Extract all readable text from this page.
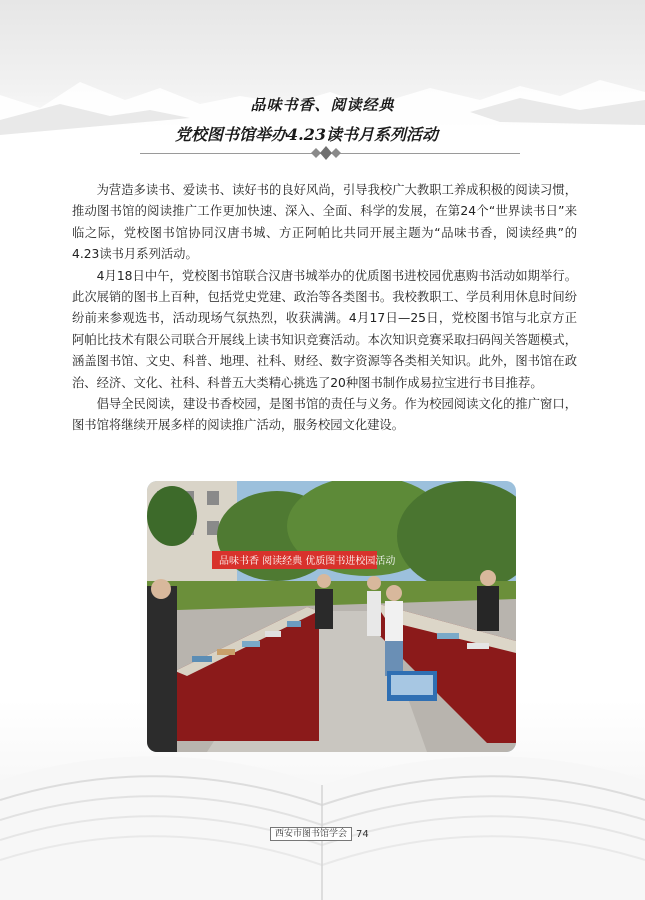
品味书香、阅读经典
党校图书馆举办4.23读书月系列活动

为营造多读书、爱读书、读好书的良好风尚，引导我校广大教职工养成积极的阅读习惯，推动图书馆的阅读推广工作更加快速、深入、全面、科学的发展，在第24个“世界读书日”来临之际，党校图书馆协同汉唐书城、方正阿帕比共同开展主题为“品味书香，阅读经典”的4.23读书月系列活动。

4月18日中午，党校图书馆联合汉唐书城举办的优质图书进校园优惠购书活动如期举行。此次展销的图书上百种，包括党史党建、政治等各类图书。我校教职工、学员利用休息时间纷纷前来参观选书，活动现场气氛热烈，收获满满。4月17日—25日，党校图书馆与北京方正阿帕比技术有限公司联合开展线上读书知识竞赛活动。本次知识竞赛采取扫码闯关答题模式，涵盖图书馆、文史、科普、地理、社科、财经、数字资源等各类相关知识。此外，图书馆在政治、经济、文化、社科、科普五大类精心挑选了20种图书制作成易拉宝进行书目推荐。

倡导全民阅读，建设书香校园，是图书馆的责任与义务。作为校园阅读文化的推广窗口，图书馆将继续开展多样的阅读推广活动，服务校园文化建设。

品味书香 阅读经典 优质图书进校园活动
西安市图书馆学会 74
